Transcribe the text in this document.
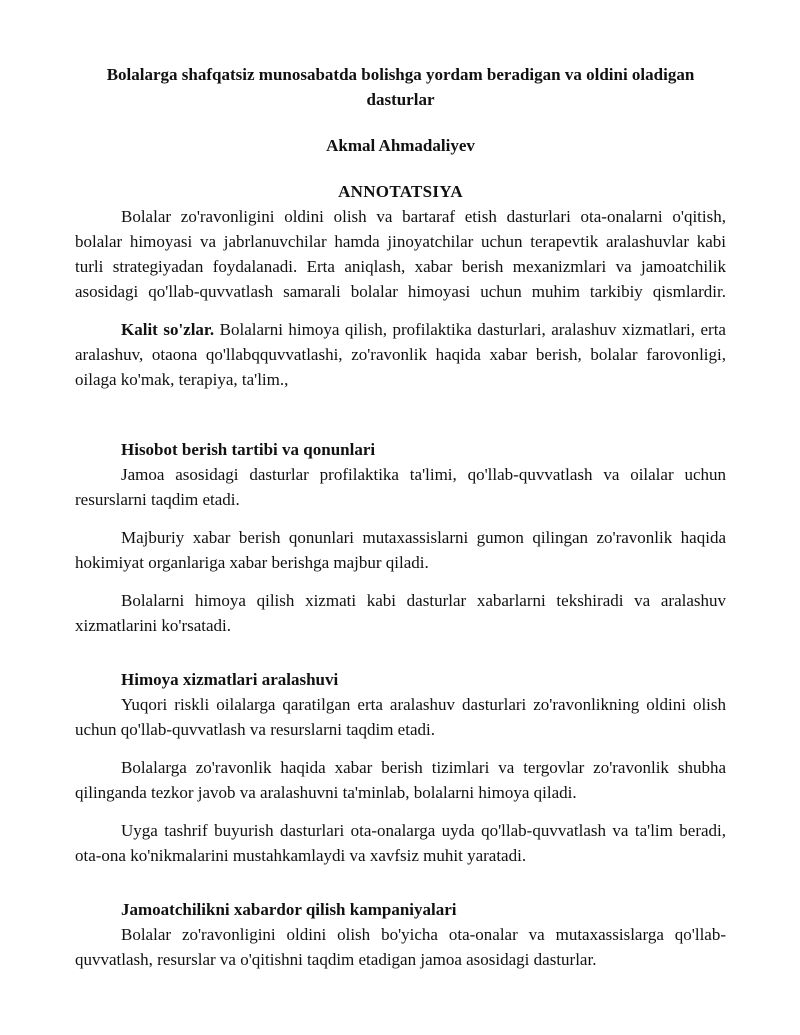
Bolalarga shafqatsiz munosabatda bolishga yordam beradigan va oldini oladigan dasturlar
Akmal Ahmadaliyev
ANNOTATSIYA

Bolalar zo'ravonligini oldini olish va bartaraf etish dasturlari ota-onalarni o'qitish, bolalar himoyasi va jabrlanuvchilar hamda jinoyatchilar uchun terapevtik aralashuvlar kabi turli strategiyadan foydalanadi. Erta aniqlash, xabar berish mexanizmlari va jamoatchilik asosidagi qo'llab-quvvatlash samarali bolalar himoyasi uchun muhim tarkibiy qismlardir.

Kalit so'zlar. Bolalarni himoya qilish, profilaktika dasturlari, aralashuv xizmatlari, erta aralashuv, otaona qo'llabqquvvatlashi, zo'ravonlik haqida xabar berish, bolalar farovonligi, oilaga ko'mak, terapiya, ta'lim.,

Hisobot berish tartibi va qonunlari

Jamoa asosidagi dasturlar profilaktika ta'limi, qo'llab-quvvatlash va oilalar uchun resurslarni taqdim etadi.

Majburiy xabar berish qonunlari mutaxassislarni gumon qilingan zo'ravonlik haqida hokimiyat organlariga xabar berishga majbur qiladi.

Bolalarni himoya qilish xizmati kabi dasturlar xabarlarni tekshiradi va aralashuv xizmatlarini ko'rsatadi.

Himoya xizmatlari aralashuvi

Yuqori riskli oilalarga qaratilgan erta aralashuv dasturlari zo'ravonlikning oldini olish uchun qo'llab-quvvatlash va resurslarni taqdim etadi.

Bolalarga zo'ravonlik haqida xabar berish tizimlari va tergovlar zo'ravonlik shubha qilinganda tezkor javob va aralashuvni ta'minlab, bolalarni himoya qiladi.

Uyga tashrif buyurish dasturlari ota-onalarga uyda qo'llab-quvvatlash va ta'lim beradi, ota-ona ko'nikmalarini mustahkamlaydi va xavfsiz muhit yaratadi.

Jamoatchilikni xabardor qilish kampaniyalari

Bolalar zo'ravonligini oldini olish bo'yicha ota-onalar va mutaxassislarga qo'llab-quvvatlash, resurslar va o'qitishni taqdim etadigan jamoa asosidagi dasturlar.
